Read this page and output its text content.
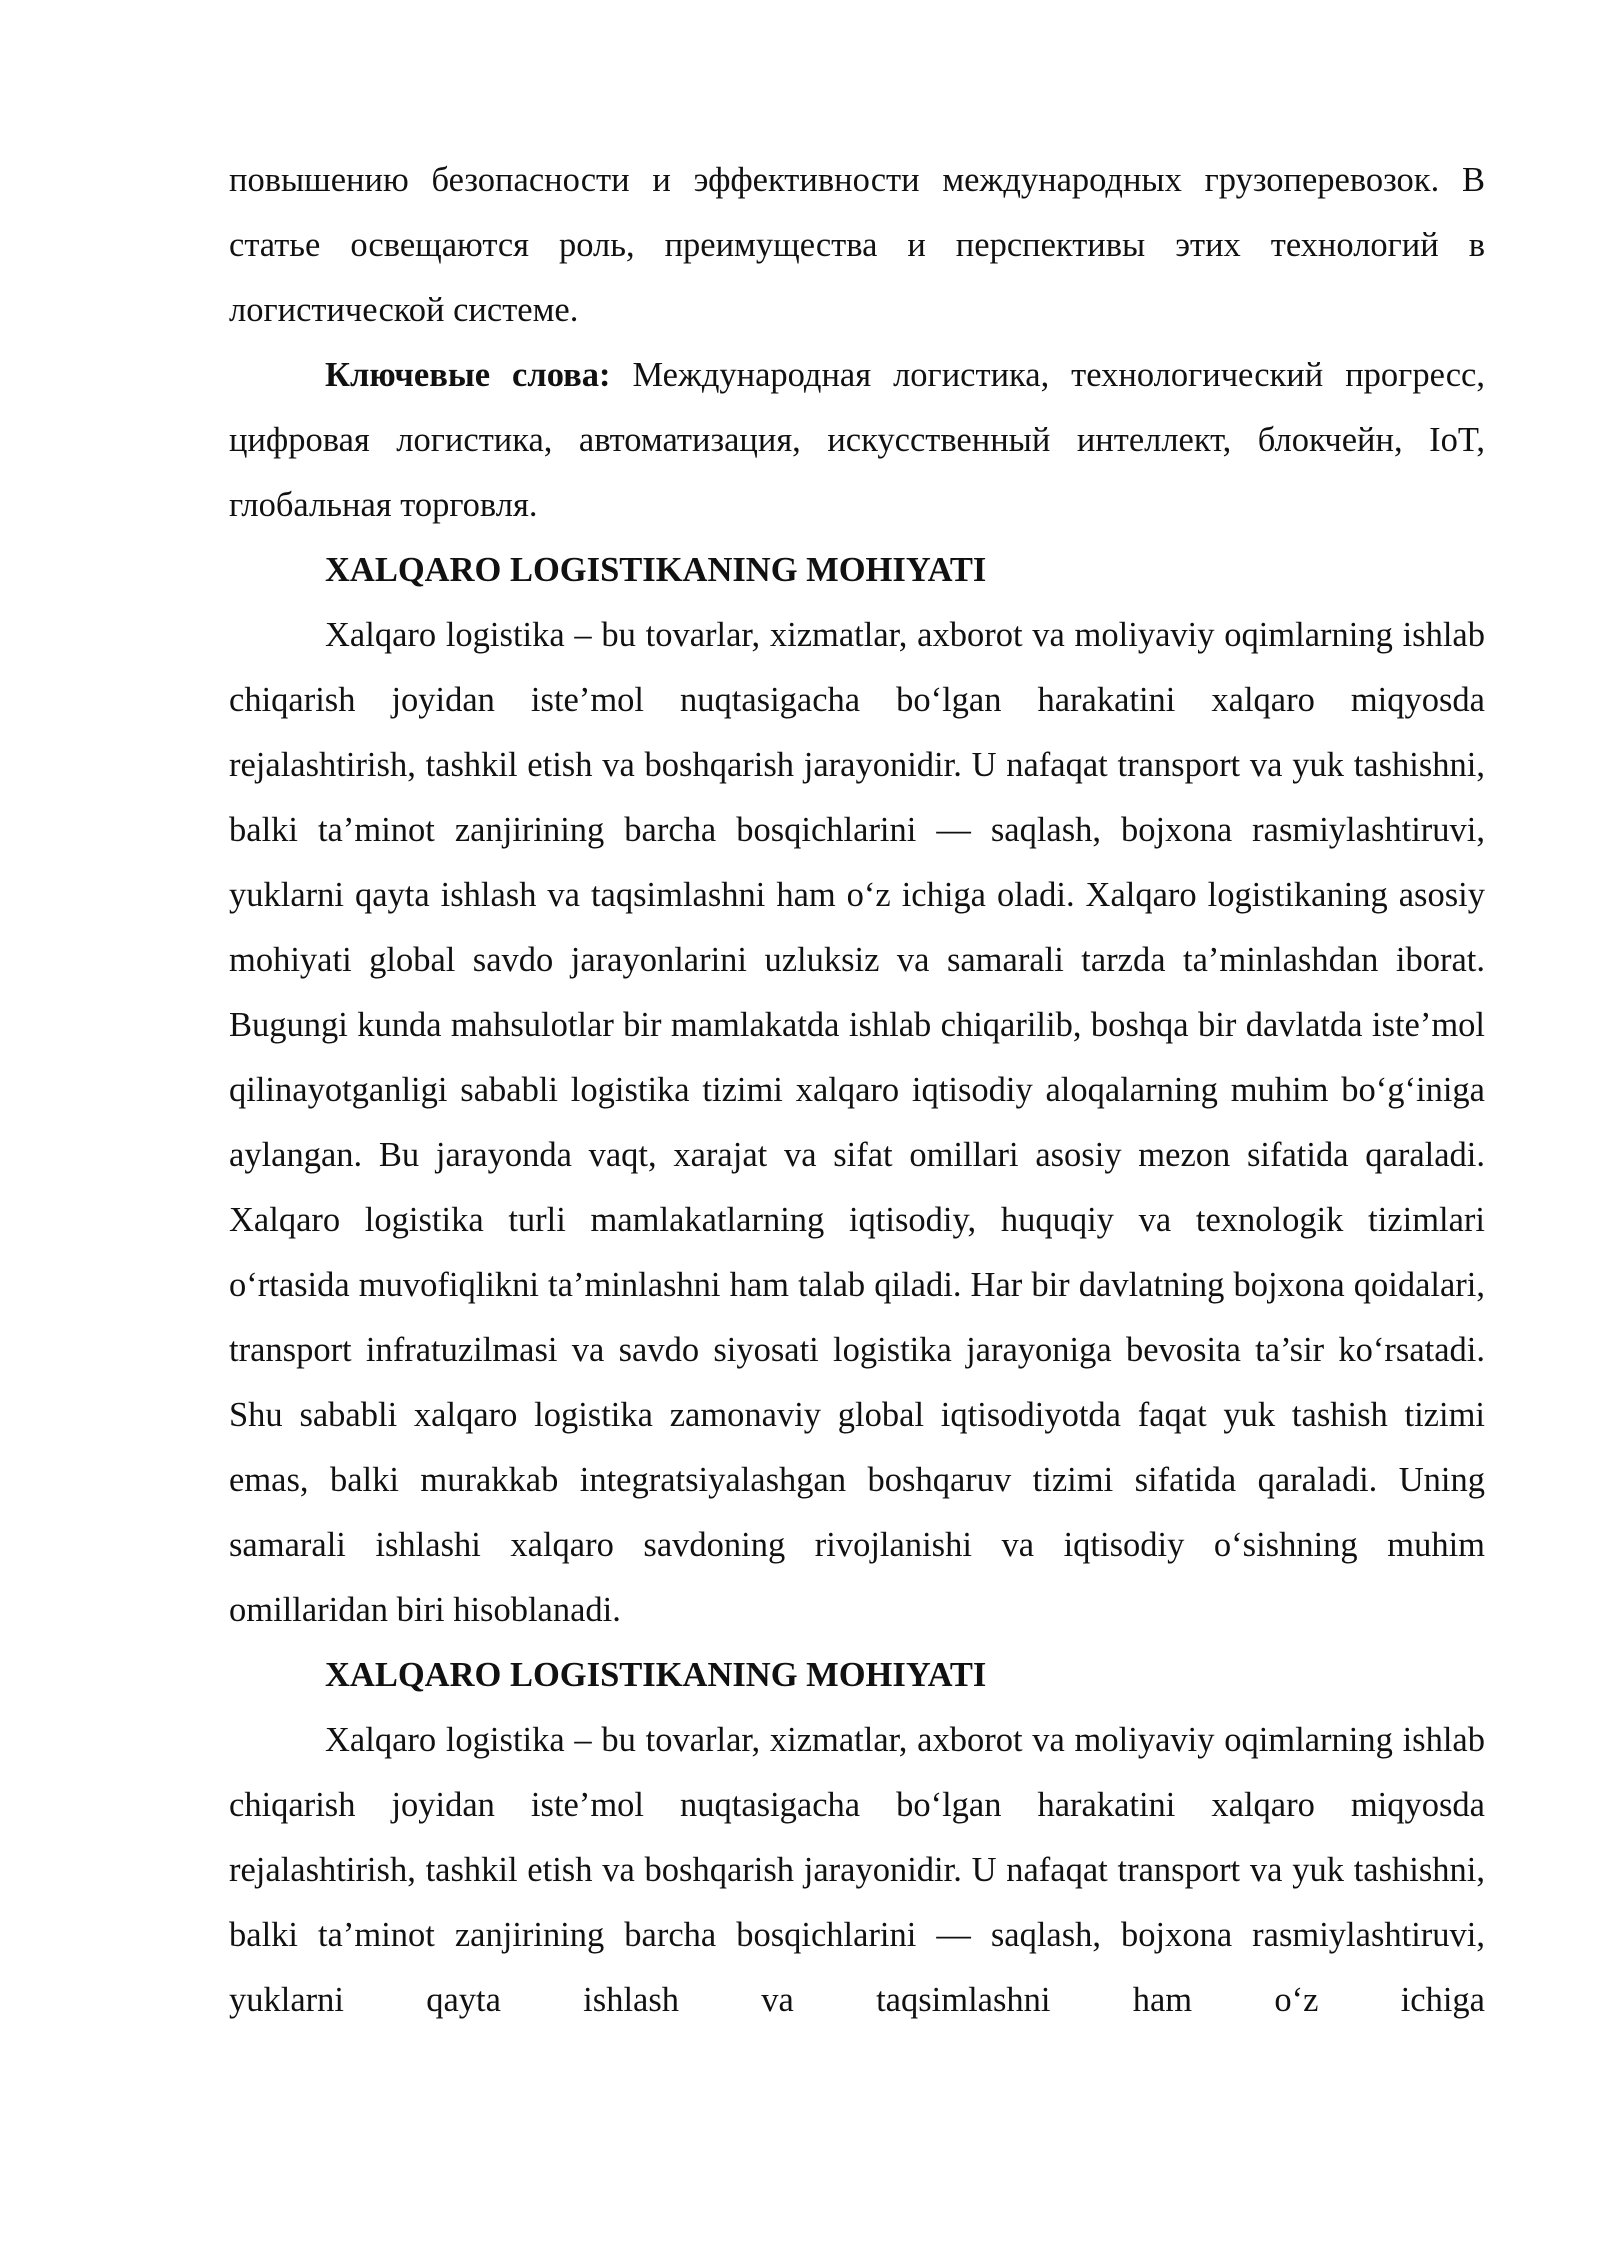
повышению безопасности и эффективности международных грузоперевозок. В статье освещаются роль, преимущества и перспективы этих технологий в логистической системе.

Ключевые слова: Международная логистика, технологический прогресс, цифровая логистика, автоматизация, искусственный интеллект, блокчейн, IoT, глобальная торговля.

XALQARO LOGISTIKANING MOHIYATI

Xalqaro logistika – bu tovarlar, xizmatlar, axborot va moliyaviy oqimlarning ishlab chiqarish joyidan iste’mol nuqtasigacha bo‘lgan harakatini xalqaro miqyosda rejalashtirish, tashkil etish va boshqarish jarayonidir. U nafaqat transport va yuk tashishni, balki ta’minot zanjirining barcha bosqichlarini — saqlash, bojxona rasmiylashtiruvi, yuklarni qayta ishlash va taqsimlashni ham o‘z ichiga oladi. Xalqaro logistikaning asosiy mohiyati global savdo jarayonlarini uzluksiz va samarali tarzda ta’minlashdan iborat. Bugungi kunda mahsulotlar bir mamlakatda ishlab chiqarilib, boshqa bir davlatda iste’mol qilinayotganligi sababli logistika tizimi xalqaro iqtisodiy aloqalarning muhim bo‘g‘iniga aylangan. Bu jarayonda vaqt, xarajat va sifat omillari asosiy mezon sifatida qaraladi. Xalqaro logistika turli mamlakatlarning iqtisodiy, huquqiy va texnologik tizimlari o‘rtasida muvofiqlikni ta’minlashni ham talab qiladi. Har bir davlatning bojxona qoidalari, transport infratuzilmasi va savdo siyosati logistika jarayoniga bevosita ta’sir ko‘rsatadi. Shu sababli xalqaro logistika zamonaviy global iqtisodiyotda faqat yuk tashish tizimi emas, balki murakkab integratsiyalashgan boshqaruv tizimi sifatida qaraladi. Uning samarali ishlashi xalqaro savdoning rivojlanishi va iqtisodiy o‘sishning muhim omillaridan biri hisoblanadi.

XALQARO LOGISTIKANING MOHIYATI

Xalqaro logistika – bu tovarlar, xizmatlar, axborot va moliyaviy oqimlarning ishlab chiqarish joyidan iste’mol nuqtasigacha bo‘lgan harakatini xalqaro miqyosda rejalashtirish, tashkil etish va boshqarish jarayonidir. U nafaqat transport va yuk tashishni, balki ta’minot zanjirining barcha bosqichlarini — saqlash, bojxona rasmiylashtiruvi, yuklarni qayta ishlash va taqsimlashni ham o‘z ichiga
